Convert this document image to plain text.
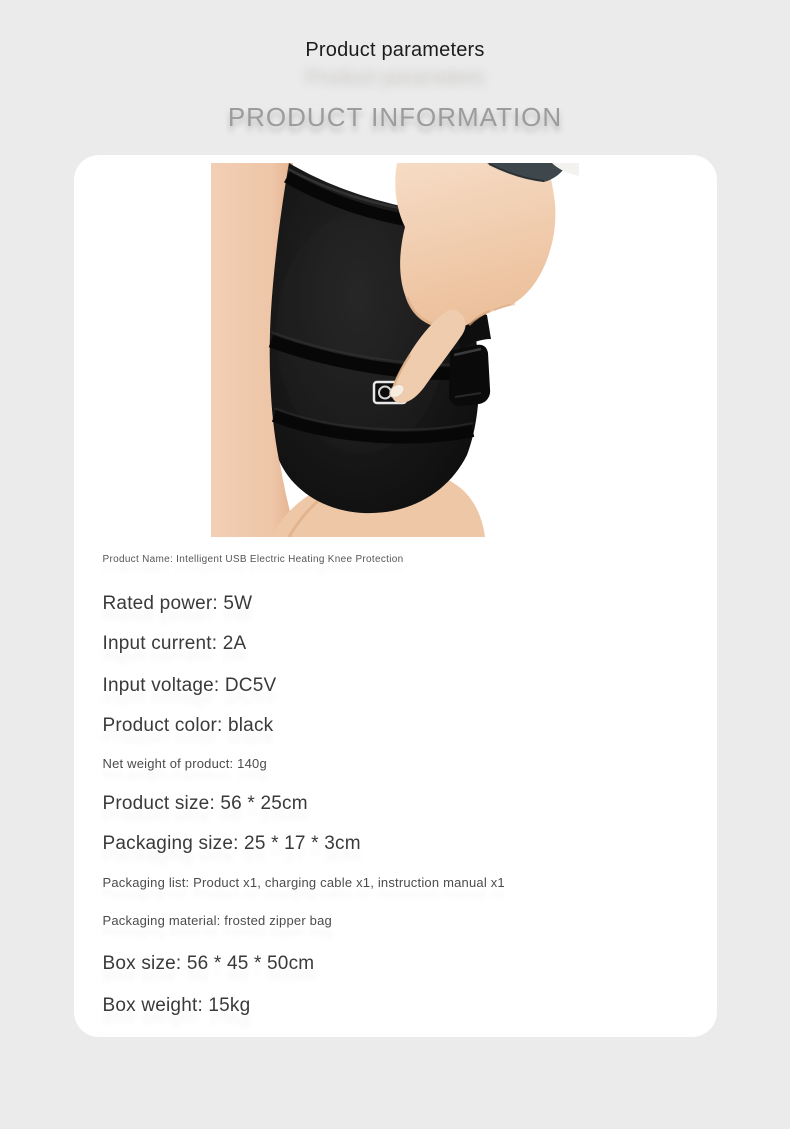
Product parameters
PRODUCT INFORMATION

Product Name: Intelligent USB Electric Heating Knee Protection

Rated power: 5W

Input current: 2A

Input voltage: DC5V

Product color: black

Net weight of product: 140g

Product size: 56 * 25cm

Packaging size: 25 * 17 * 3cm

Packaging list: Product x1, charging cable x1, instruction manual x1

Packaging material: frosted zipper bag

Box size: 56 * 45 * 50cm

Box weight: 15kg
